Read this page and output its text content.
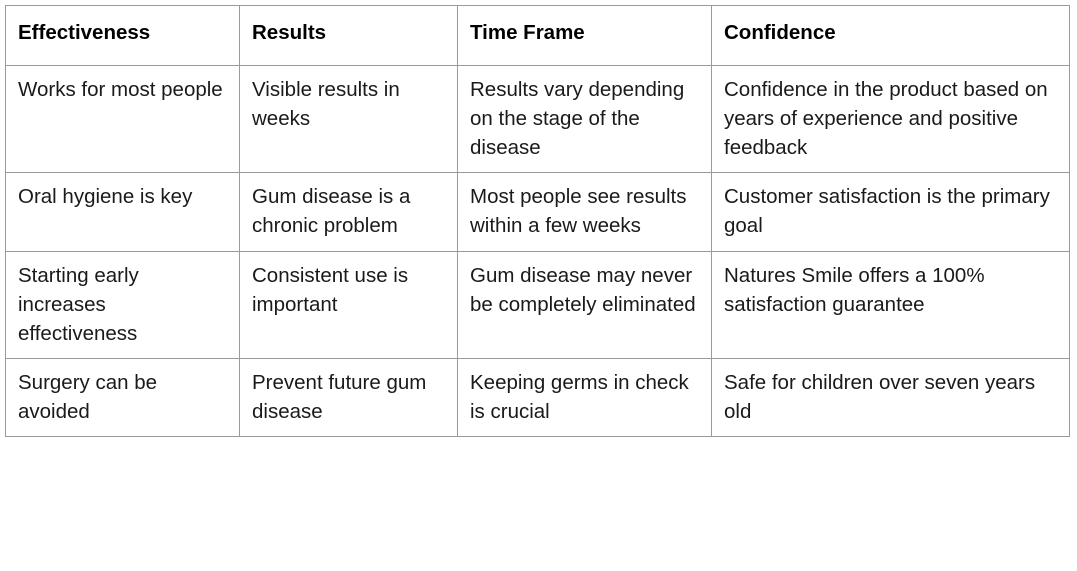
Effectiveness	Results	Time Frame	Confidence
Works for most people	Visible results in weeks	Results vary depending on the stage of the disease	Confidence in the product based on years of experience and positive feedback
Oral hygiene is key	Gum disease is a chronic problem	Most people see results within a few weeks	Customer satisfaction is the primary goal
Starting early increases effectiveness	Consistent use is important	Gum disease may never be completely eliminated	Natures Smile offers a 100% satisfaction guarantee
Surgery can be avoided	Prevent future gum disease	Keeping germs in check is crucial	Safe for children over seven years old
